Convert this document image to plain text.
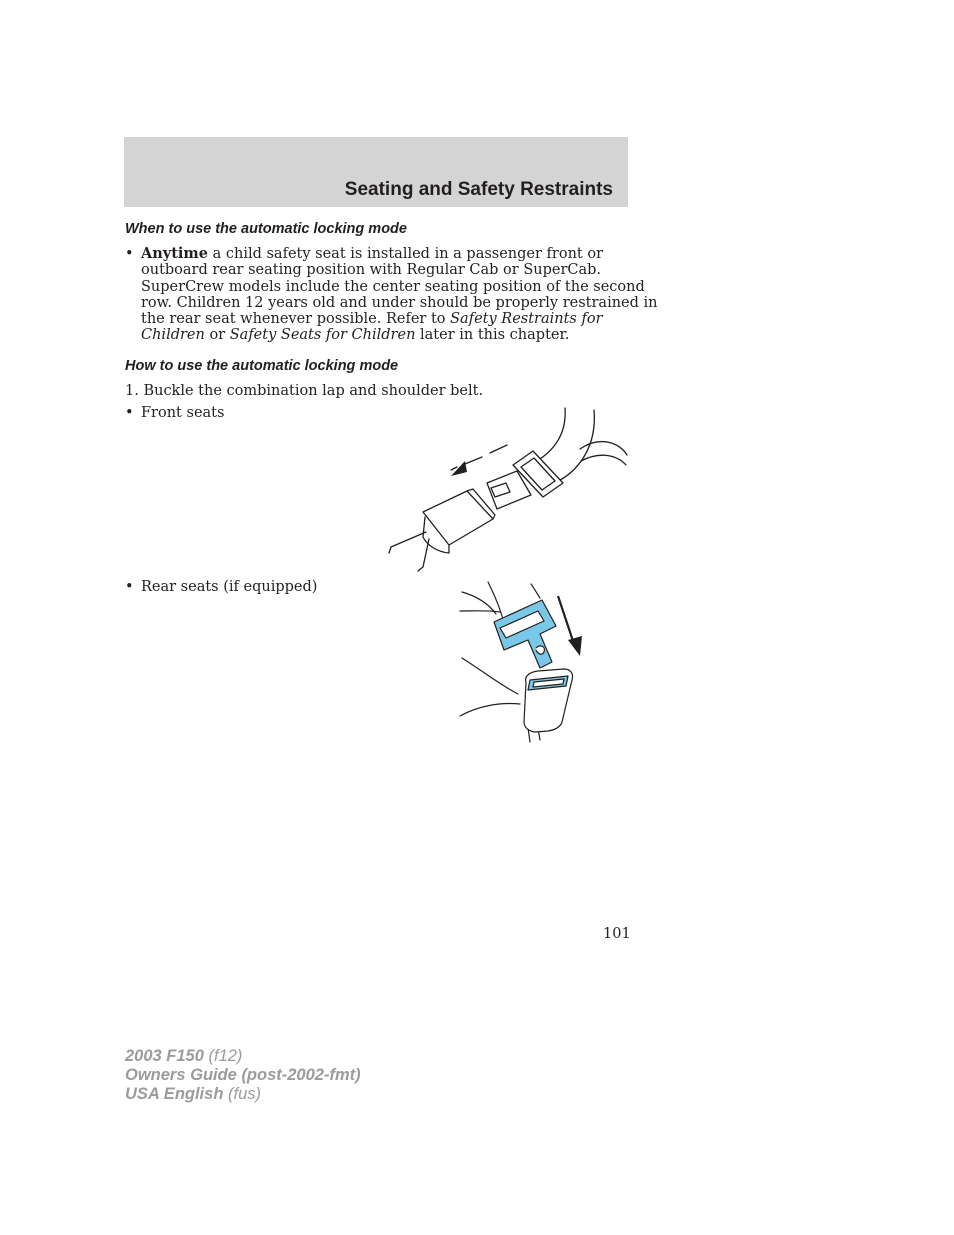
Seating and Safety Restraints
When to use the automatic locking mode
• Anytime a child safety seat is installed in a passenger front or
outboard rear seating position with Regular Cab or SuperCab.
SuperCrew models include the center seating position of the second
row. Children 12 years old and under should be properly restrained in
the rear seat whenever possible. Refer to Safety Restraints for
Children or Safety Seats for Children later in this chapter.
How to use the automatic locking mode
1. Buckle the combination lap and shoulder belt.
• Front seats
• Rear seats (if equipped)
101
2003 F150 (f12)
Owners Guide (post-2002-fmt)
USA English (fus)
